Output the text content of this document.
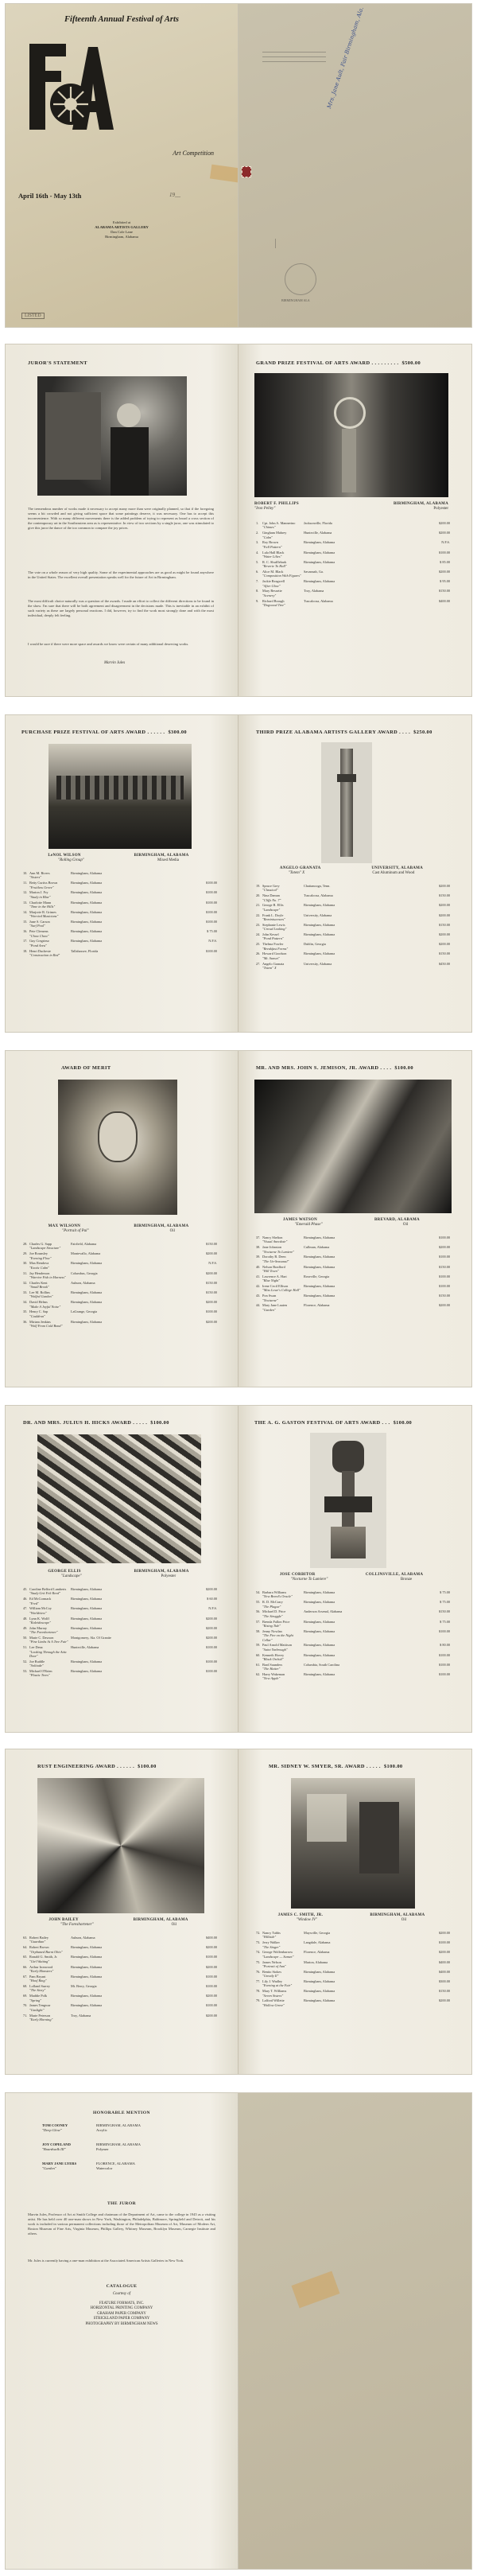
Fifteenth Annual Festival of Arts
Art Competition
April 16th - May 13th	19__
Exhibited at
ALABAMA ARTISTS GALLERY
Dan Cole Lane
Birmingham, Alabama
LISTED
BIRMINGHAM ALA
Mrs. Jane Ault, Fair Birmingham, Ala.
JUROR'S STATEMENT
The tremendous number of works made it necessary to accept many more than were originally planned, so that if the foregoing seems a bit crowded and not giving sufficient space that some paintings deserve, it was necessary. One has to accept this inconvenience. With so many different movements there is the added problem of trying to represent as broad a cross section of the contemporary art in the Southeastern area as is representative. In view of two sections by a single juror, one was stimulated to give this juror the dance of the too common to compare the joy prices.
The vote on a whole reason of very high quality. Some of the experimental approaches are as good as might be found anywhere in the United States. The excellent overall presentation speaks well for the future of Art in Birmingham.
The most difficult choice naturally was a question of the awards. I made an effort to collect the different directions to be found in the show. I'm sure that there will be both agreement and disagreement in the decisions made. This is inevitable in an exhibit of such variety as these are largely personal reactions. I did, however, try to find the work most strongly done and with the most individual, deeply felt feeling.
I would be sure if there were more space and awards we know were certain of many additional deserving works.
Marvin Jules
GRAND PRIZE FESTIVAL OF ARTS AWARD . . . . . . . . . $500.00
ROBERT F. PHILLIPS	BIRMINGHAM, ALABAMA
"Iron Pelley"	Polyester
1.	Cpt. John A. Mannerino
"Chimes"
Jacksonville, Florida	$200.00
2.	Gingham Mabrey
"Calm"
Huntsville, Alabama	$200.00
3.	Roy Brown
"Fall Pattern"
Birmingham, Alabama	N.F.S.
4.	Lula Hall Black
"Water Lilies"
Birmingham, Alabama	$100.00
5.	R. C. Shufflebark
"Reverie To Hall"
Birmingham, Alabama	$ 85.00
6.	Alice M. Black
"Composition With Figures"
Savannah, Ga.	$200.00
7.	Jackie Reagwell
"After Glow"
Birmingham, Alabama	$ 95.00
8.	Mary Bessette
"Scenery"
Troy, Alabama	$150.00
9.	Richard Brough
"Dogwood Tree"
Tuscaloosa, Alabama	$400.00
PURCHASE PRIZE FESTIVAL OF ARTS AWARD . . . . . . $300.00
LeNOL WILSON	BIRMINGHAM, ALABAMA
"Rolling Group"	Mixed Media
10. Ann M. Rivers
"Sisters"
Birmingham, Alabama
11. Betty Curtiss Brown
"Fruitless Grove"
Birmingham, Alabama	$100.00
12. Marion J. Fry
"Study in Blue"
Birmingham, Alabama	$100.00
13. Charlotte Mann
"Time in the Hills"
Birmingham, Alabama	$100.00
14. Marjorie R. Grimes
"Worried Musicians"
Birmingham, Alabama	$100.00
15. June S. Carson
"Surf Pool"
Birmingham, Alabama	$100.00
16. Pete Clemens
"Chow Chow"
Birmingham, Alabama	$ 75.00
17. Guy Cregrieur
"Pond Area"
Birmingham, Alabama	N.F.S.
18. Henri Ducheste
"Construction in Red"
Tallahassee, Florida	$100.00
THIRD PRIZE ALABAMA ARTISTS GALLERY AWARD . . . . $250.00
ANGELO GRANATA	UNIVERSITY, ALABAMA
"Totem" X	Cast Aluminum and Wood
19. Spruce Grey
"Classical"
Chattanooga, Tenn.	$200.00
20. Nina Daman
"Cliffs No. 7"
Tuscaloosa, Alabama	$150.00
21. George R. Ellis
"Landscape"
Birmingham, Alabama	$200.00
22. Frank L. Doyle
"Reminiscences"
University, Alabama	$200.00
23. Stephanie Lewis
"Crowd Looking"
Birmingham, Alabama	$150.00
24. John Kessel
"Pond Pattern"
Birmingham, Alabama	$200.00
25. Thelma Fowler
"Breakfast Forms"
Dublin, Georgia	$200.00
26. Howard Goodson
"Mt. Sunset"
Birmingham, Alabama	$150.00
27. Angelo Granata
"Totem" X
University, Alabama	$450.00
AWARD OF MERIT
MAX WILSONN	BIRMINGHAM, ALABAMA
"Portrait of Pal"	Oil
28. Charles G. Sapp
"Landscape Structure"
Fairfield, Alabama	$150.00
29. Joe Rounsley
"Evening Flow"
Montevallo, Alabama	$200.00
30. Max Rendova
"Exotic Calm"
Birmingham, Alabama	N.F.S.
31. Jay Henderson
"Warrior Fish in Harness"
Columbus, Georgia	$200.00
32. Charles Kent
"Small Brook"
Auburn, Alabama	$150.00
33. Lee M. Rollins
"Wolfed Garden"
Birmingham, Alabama	$150.00
34. David Helms
"Make A Joyful Noise"
Birmingham, Alabama	$200.00
35. Henry C. Sap
"Cauldron"
LaGrange, Georgia	$100.00
36. Miriam Jenkins
"Wolf From Cold Bond"
Birmingham, Alabama	$200.00
MR. AND MRS. JOHN S. JEMISON, JR. AWARD . . . . $100.00
JAMES WATSON	BREVARD, ALABAMA
"Emerald Phase"	Oil
37. Nancy Shelton
"Visual Anecdote"
Birmingham, Alabama	$100.00
38. Jane Johnston
"Nocturne To Lumiere"
Cullman, Alabama	$200.00
39. Dorothy B. Deen
"The Un-Seasonal"
Birmingham, Alabama	$100.00
40. Nelson Bradford
"Hill Town"
Birmingham, Alabama	$150.00
41. Lawrence A. Hart
"Blue Night"
Roseville, Georgia	$100.00
42. Irene Cecil Ellison
"Miss Lowe's College Hall"
Birmingham, Alabama	$100.00
43. Pon Swan
"Nocturne"
Birmingham, Alabama	$150.00
44. Mary Jane Lauten
"Garden"
Florence, Alabama	$200.00
DR. AND MRS. JULIUS H. HICKS AWARD . . . . . $100.00
GEORGE ELLIS	BIRMINGHAM, ALABAMA
"Landscape"	Polyester
45. Caroline Belford Lamberts
"Study Grit Felt Reed"
Birmingham, Alabama	$200.00
46. Ed McCormack
"Fred"
Birmingham, Alabama	$ 60.00
47. William McCoy
"Worldview"
Birmingham, Alabama	N.F.S.
48. Lynn K. Wolff
"Kaleidoscope"
Birmingham, Alabama	$200.00
49. John Murray
"The Foreshortener"
Birmingham, Alabama	$200.00
50. Marie C. Dawson
"Pine Limbs At A Tree Fair"
Montgomery, Ala. Of Granite	$200.00
51. Lee Dena
"Looking Through the Attic Door"
Huntsville, Alabama	$100.00
52. Joe Ruddle
"Solitude"
Birmingham, Alabama	$100.00
53. Michael O'Brien
"Plastic Trees"
Birmingham, Alabama	$100.00
THE A. G. GASTON FESTIVAL OF ARTS AWARD . . . $100.00
JOSE CORBITOR	COLLINSVILLE, ALABAMA
"Nocturne To Lumiere"	Bronze
54. Barbara Williams
"New Breed's Oracle"
Birmingham, Alabama	$ 75.00
55. R. D. McCrary
"The Plague"
Birmingham, Alabama	$ 75.00
56. Michael D. Price
"The Struggle"
Anderson Arsenal, Alabama	$150.00
57. Brenda Fallon Price
"Rising Tide"
Birmingham, Alabama	$ 75.00
58. Jenny Nowlan
"The Fire on the Night Cellar"
Birmingham, Alabama	$100.00
59. Paul Arnold Mattison
"Saint Yarbrough"
Birmingham, Alabama	$ 80.00
60. Kenneth Hovey
"Black Orchid"
Birmingham, Alabama	$100.00
61. Brad Saunders
"The Hatter"
Columbia, South Carolina	$100.00
62. Harry Wakeman
"New Apple"
Birmingham, Alabama	$100.00
RUST ENGINEERING AWARD . . . . . . $100.00
JOHN BAILEY	BIRMINGHAM, ALABAMA
"The Foreshortener"	Oil
63. Robert Bailey
"Guardian"
Auburn, Alabama	$400.00
64. Robert Brown
"Orphaned Burnt Ohio"
Birmingham, Alabama	$200.00
65. Ronald G. Smith, Jr.
"Girl Waiting"
Birmingham, Alabama	$100.00
66. Arthur Ironwood
"Early Monsters"
Birmingham, Alabama	$200.00
67. Pam Bryant
"Hoof Ring"
Birmingham, Alabama	$100.00
68. Lolland Surrey
"The Story"
Mt. Berry, Georgia	$100.00
69. Maddie Polk
"Spring"
Birmingham, Alabama	$200.00
70. James Tengwar
"Gaslight"
Birmingham, Alabama	$100.00
71. Marie Peterson
"Early Morning"
Troy, Alabama	$200.00
MR. SIDNEY W. SMYER, SR. AWARD . . . . . $100.00
JAMES C. SMITH, JR.	BIRMINGHAM, ALABAMA
"Window IV"	Oil
72. Nancy Tubbs
"Hillside"
Maysville, Georgia	$200.00
73. Jerry Walker
"The Singer"
Langdale, Alabama	$100.00
74. George Wolfenbarrow
"Landscape — Sunset"
Florence, Alabama	$200.00
75. James Nelson
"Portrait of Ann"
Marion, Alabama	$400.00
76. Benito Stokes
"Greatly Il"
Birmingham, Alabama	$400.00
77. Lily J. Wadley
"Evening at the Fair"
Birmingham, Alabama	$300.00
78. Mary T. Williams
"Seven Sisters"
Birmingham, Alabama	$150.00
79. Lafford Willette
"Hollow Grove"
Birmingham, Alabama	$200.00
HONORABLE MENTION
TOM COONEY
"Deep Glow"
BIRMINGHAM, ALABAMA
Acrylic
JOY COPELAND
"Boardwalk III"
BIRMINGHAM, ALABAMA
Polymer
MARY JANE LYERS
"Garden"
FLORENCE, ALABAMA
Watercolor
THE JUROR
Marvin Jules, Professor of Art at Smith College and chairman of the Department of Art, came to the college in 1945 as a visiting artist. He has held over 40 one-man shows in New York, Washington, Philadelphia, Baltimore, Springfield and Detroit, and his work is included in various permanent collections including those of the Metropolitan Museum of Art, Museum of Modern Art, Boston Museum of Fine Arts, Virginia Museum, Phillips Gallery, Whitney Museum, Brooklyn Museum, Carnegie Institute and others.
Mr. Jules is currently having a one-man exhibition at the Associated American Artists Galleries in New York.
CATALOGUE
Courtesy of
FEATURE FORMATS, INC.
HORIZONTAL PRINTING COMPANY
GRAHAM PAPER COMPANY
STRICKLAND PAPER COMPANY
PHOTOGRAPHY BY BIRMINGHAM NEWS
